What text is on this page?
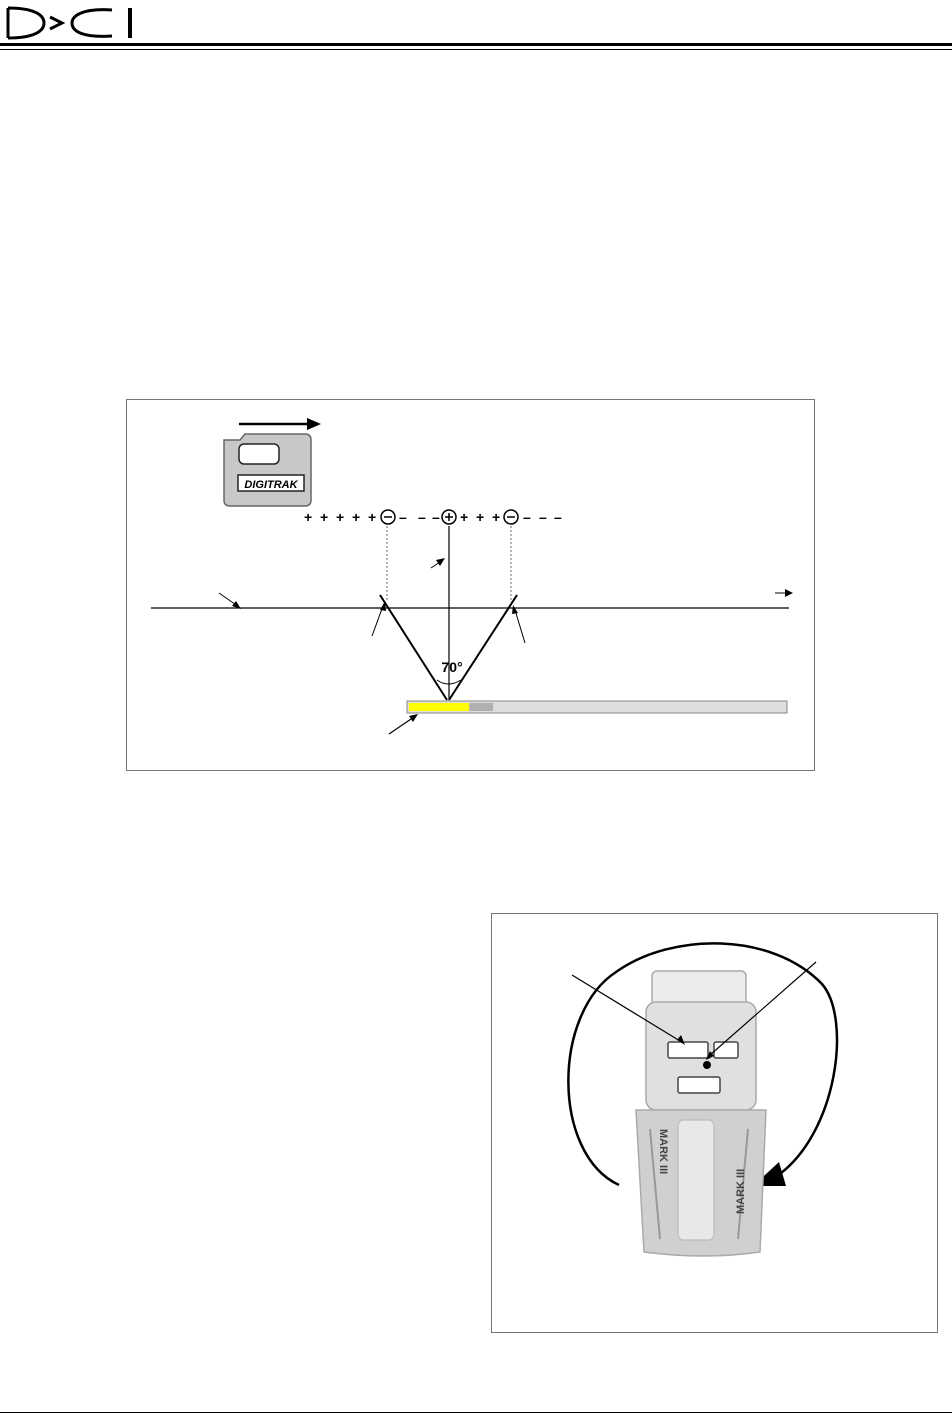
DIGITRAK
+ + + + + – – – + + + – – –
70°
MARK III
MARK III
